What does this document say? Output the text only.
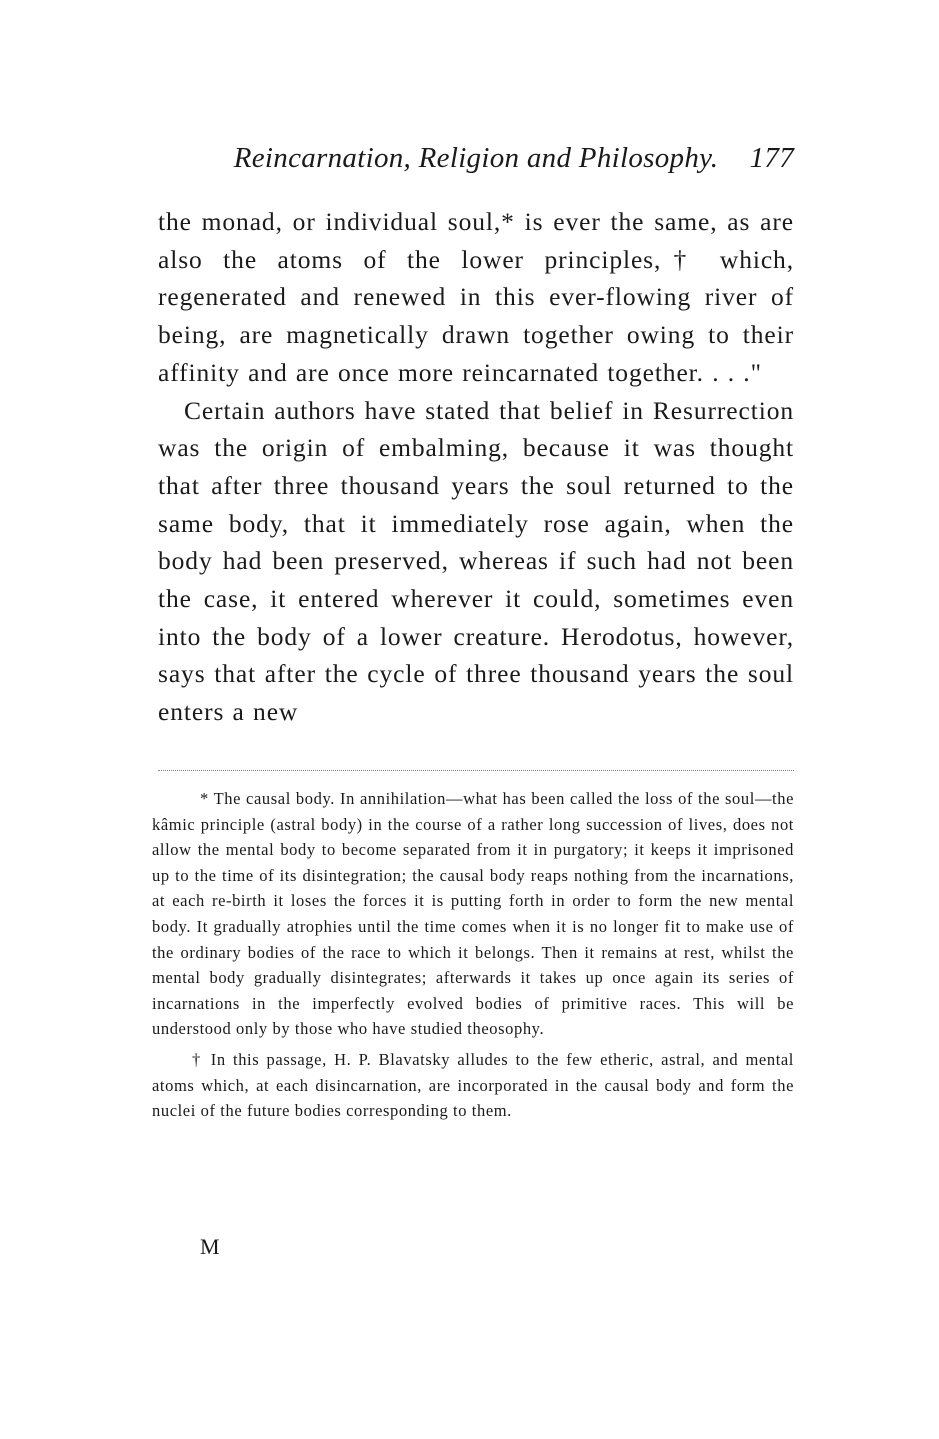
Reincarnation, Religion and Philosophy. 177

the monad, or individual soul,* is ever the same, as are also the atoms of the lower principles,† which, regenerated and renewed in this ever-flowing river of being, are magnetically drawn together owing to their affinity and are once more reincarnated together. . . ."

Certain authors have stated that belief in Resurrection was the origin of embalming, because it was thought that after three thousand years the soul returned to the same body, that it immediately rose again, when the body had been preserved, whereas if such had not been the case, it entered wherever it could, sometimes even into the body of a lower creature. Herodotus, however, says that after the cycle of three thousand years the soul enters a new

* The causal body. In annihilation—what has been called the loss of the soul—the kâmic principle (astral body) in the course of a rather long succession of lives, does not allow the mental body to become separated from it in purgatory; it keeps it imprisoned up to the time of its disintegration; the causal body reaps nothing from the incarnations, at each re-birth it loses the forces it is putting forth in order to form the new mental body. It gradually atrophies until the time comes when it is no longer fit to make use of the ordinary bodies of the race to which it belongs. Then it remains at rest, whilst the mental body gradually disintegrates; afterwards it takes up once again its series of incarnations in the imperfectly evolved bodies of primitive races. This will be understood only by those who have studied theosophy.

† In this passage, H. P. Blavatsky alludes to the few etheric, astral, and mental atoms which, at each disincarnation, are incorporated in the causal body and form the nuclei of the future bodies corresponding to them.

M
